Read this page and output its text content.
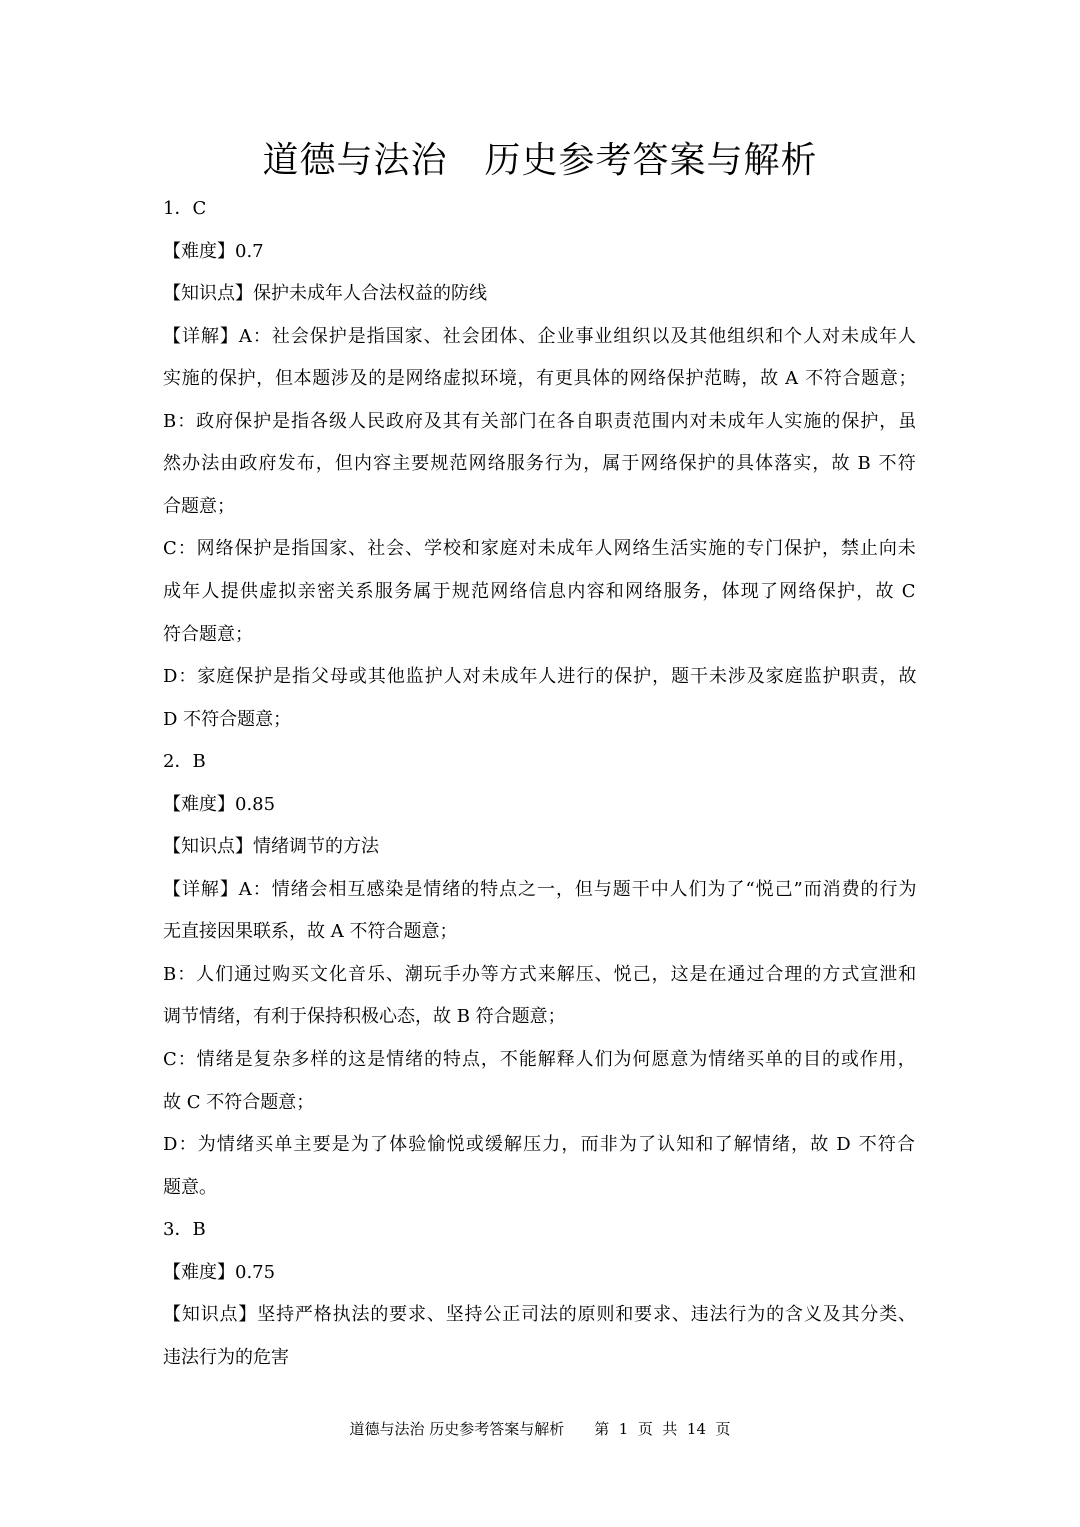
道德与法治　历史参考答案与解析
1．C
【难度】0.7
【知识点】保护未成年人合法权益的防线
【详解】A：社会保护是指国家、社会团体、企业事业组织以及其他组织和个人对未成年人
实施的保护，但本题涉及的是网络虚拟环境，有更具体的网络保护范畴，故 A 不符合题意；
B：政府保护是指各级人民政府及其有关部门在各自职责范围内对未成年人实施的保护，虽
然办法由政府发布，但内容主要规范网络服务行为，属于网络保护的具体落实，故 B 不符
合题意；
C：网络保护是指国家、社会、学校和家庭对未成年人网络生活实施的专门保护，禁止向未
成年人提供虚拟亲密关系服务属于规范网络信息内容和网络服务，体现了网络保护，故 C
符合题意；
D：家庭保护是指父母或其他监护人对未成年人进行的保护，题干未涉及家庭监护职责，故
D 不符合题意；
2．B
【难度】0.85
【知识点】情绪调节的方法
【详解】A：情绪会相互感染是情绪的特点之一，但与题干中人们为了“悦己”而消费的行为
无直接因果联系，故 A 不符合题意；
B：人们通过购买文化音乐、潮玩手办等方式来解压、悦己，这是在通过合理的方式宣泄和
调节情绪，有利于保持积极心态，故 B 符合题意；
C：情绪是复杂多样的这是情绪的特点，不能解释人们为何愿意为情绪买单的目的或作用，
故 C 不符合题意；
D：为情绪买单主要是为了体验愉悦或缓解压力，而非为了认知和了解情绪，故 D 不符合
题意。
3．B
【难度】0.75
【知识点】坚持严格执法的要求、坚持公正司法的原则和要求、违法行为的含义及其分类、
违法行为的危害
道德与法治 历史参考答案与解析　　第  1  页  共  14  页
